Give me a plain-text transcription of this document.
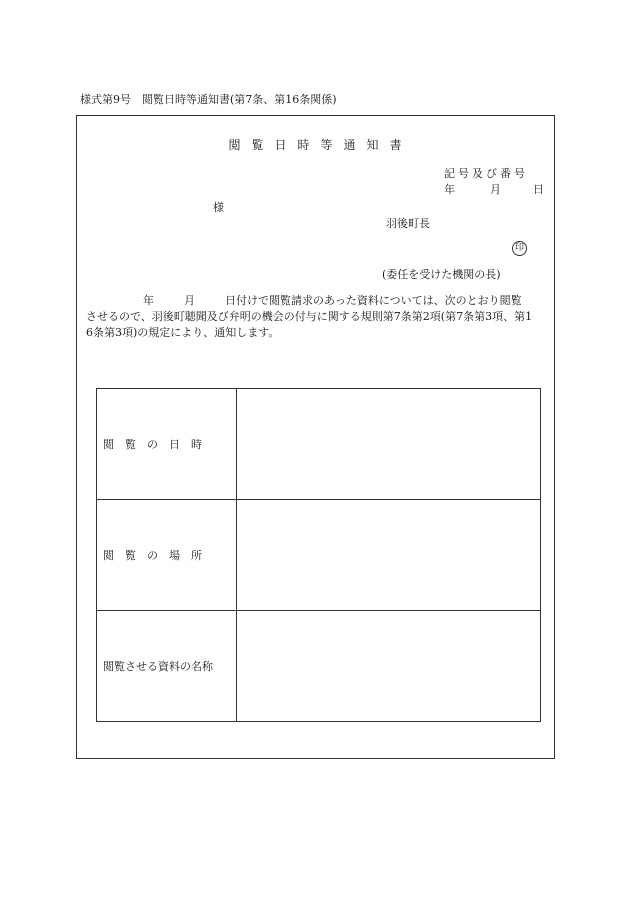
様式第9号　閲覧日時等通知書(第7条、第16条関係)
閲覧日時等通知書
記号及び番号
年	月	日
様
羽後町長
印
(委任を受けた機関の長)

年	月	日付けで閲覧請求のあった資料については、次のとおり閲覧

させるので、羽後町聴聞及び弁明の機会の付与に関する規則第7条第2項(第7条第3項、第1

6条第3項)の規定により、通知します。

閲　覧　の　日　時	
閲　覧　の　場　所	
閲覧させる資料の名称	
